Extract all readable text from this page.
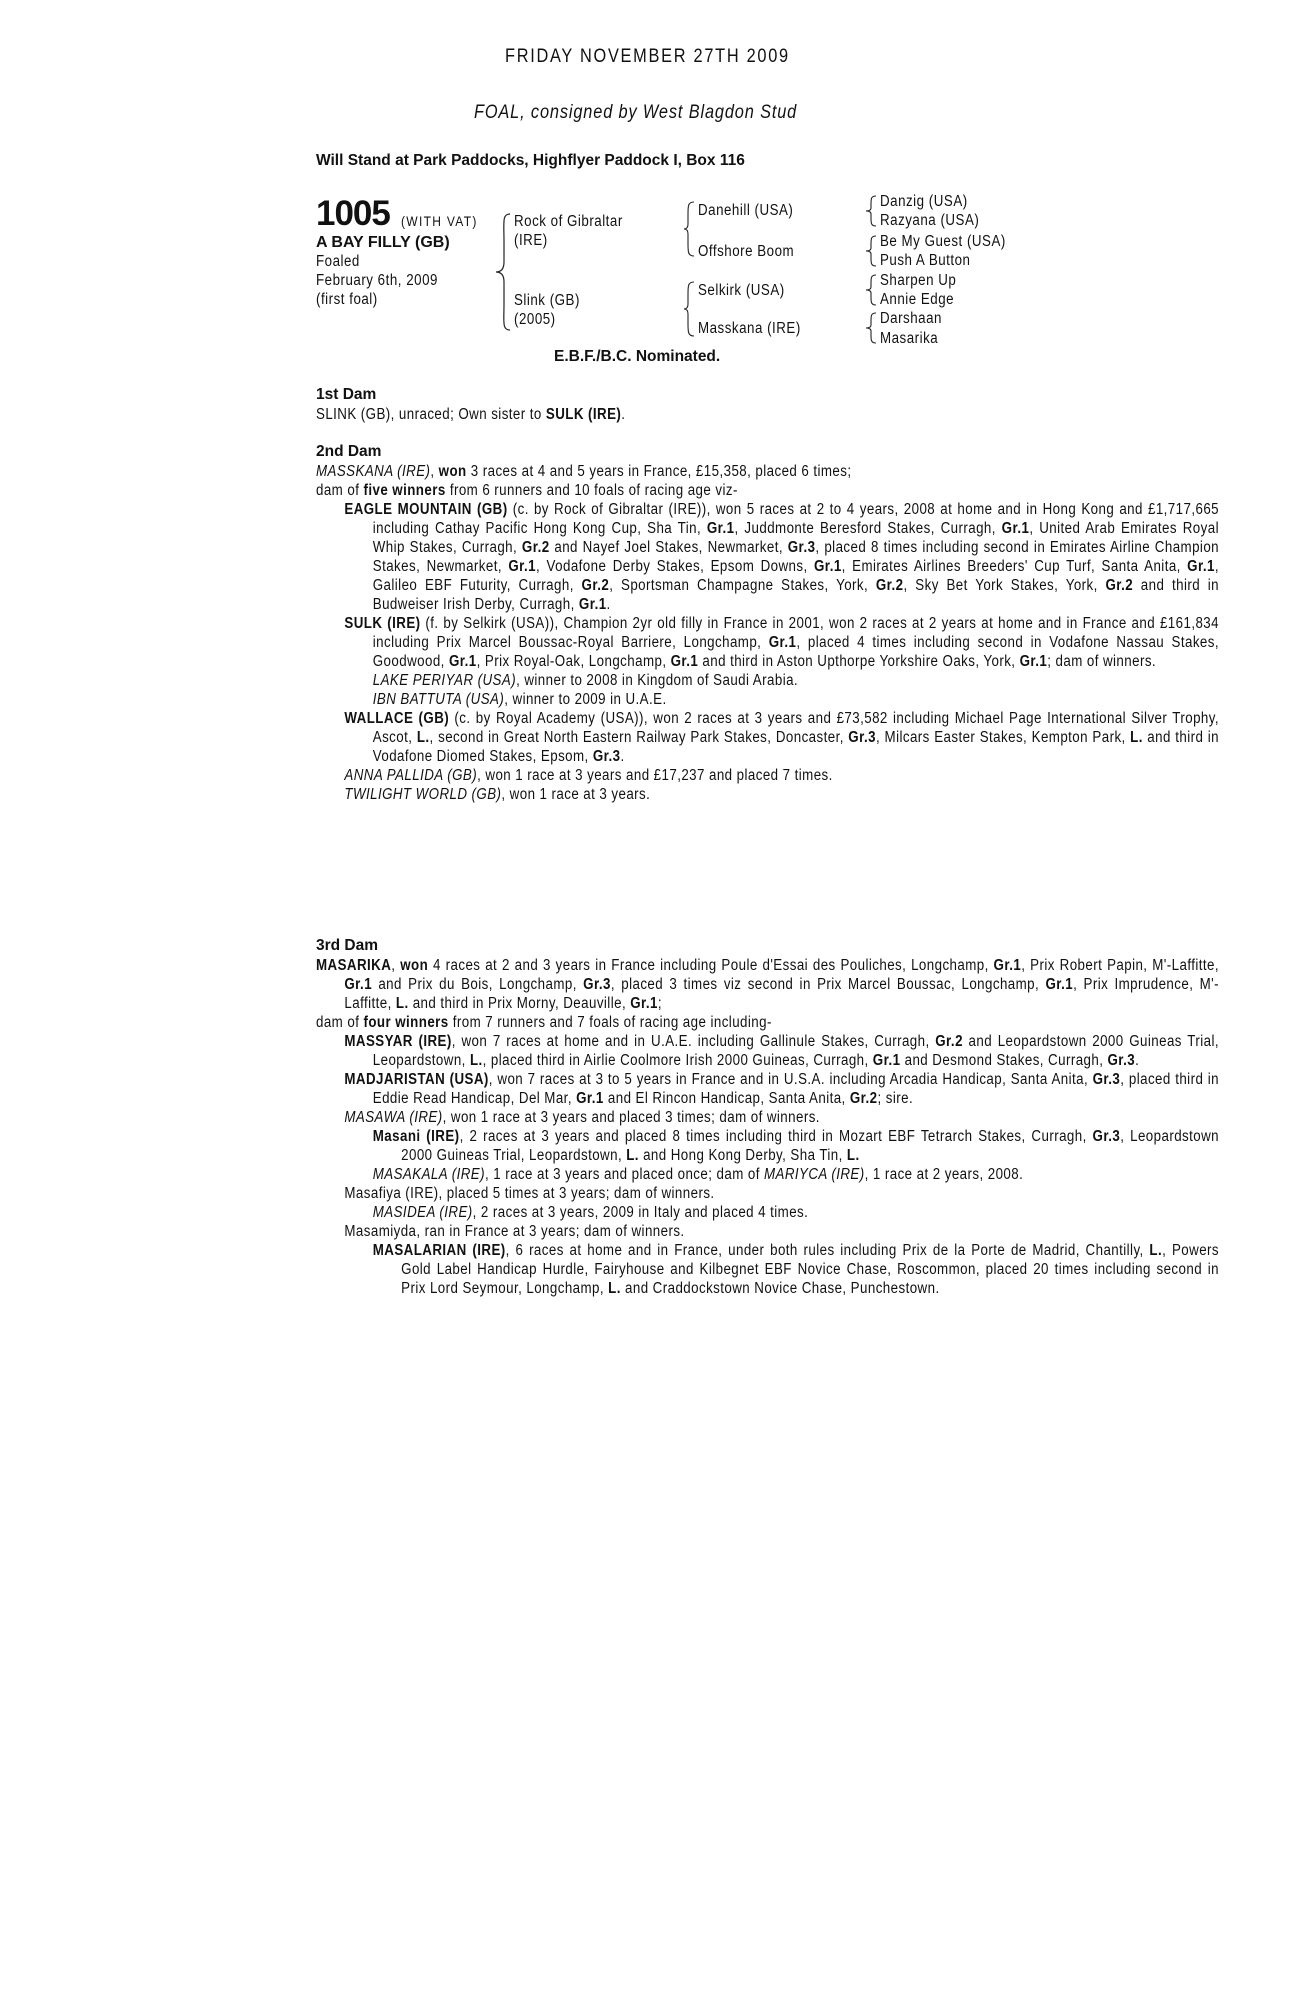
FRIDAY NOVEMBER 27TH 2009
FOAL, consigned by West Blagdon Stud
Will Stand at Park Paddocks, Highflyer Paddock I, Box 116
1005 (WITH VAT)
A BAY FILLY (GB)
Foaled
February 6th, 2009
(first foal)
Rock of Gibraltar
(IRE)
Slink (GB)
(2005)
Danehill (USA)
Offshore Boom
Selkirk (USA)
Masskana (IRE)
Danzig (USA)
Razyana (USA)
Be My Guest (USA)
Push A Button
Sharpen Up
Annie Edge
Darshaan
Masarika
E.B.F./B.C. Nominated.
1st Dam

SLINK (GB), unraced; Own sister to SULK (IRE).

2nd Dam

MASSKANA (IRE), won 3 races at 4 and 5 years in France, £15,358, placed 6 times;

dam of five winners from 6 runners and 10 foals of racing age viz-

EAGLE MOUNTAIN (GB) (c. by Rock of Gibraltar (IRE)), won 5 races at 2 to 4 years, 2008 at home and in Hong Kong and £1,717,665 including Cathay Pacific Hong Kong Cup, Sha Tin, Gr.1, Juddmonte Beresford Stakes, Curragh, Gr.1, United Arab Emirates Royal Whip Stakes, Curragh, Gr.2 and Nayef Joel Stakes, Newmarket, Gr.3, placed 8 times including second in Emirates Airline Champion Stakes, Newmarket, Gr.1, Vodafone Derby Stakes, Epsom Downs, Gr.1, Emirates Airlines Breeders' Cup Turf, Santa Anita, Gr.1, Galileo EBF Futurity, Curragh, Gr.2, Sportsman Champagne Stakes, York, Gr.2, Sky Bet York Stakes, York, Gr.2 and third in Budweiser Irish Derby, Curragh, Gr.1.

SULK (IRE) (f. by Selkirk (USA)), Champion 2yr old filly in France in 2001, won 2 races at 2 years at home and in France and £161,834 including Prix Marcel Boussac-Royal Barriere, Longchamp, Gr.1, placed 4 times including second in Vodafone Nassau Stakes, Goodwood, Gr.1, Prix Royal-Oak, Longchamp, Gr.1 and third in Aston Upthorpe Yorkshire Oaks, York, Gr.1; dam of winners.

LAKE PERIYAR (USA), winner to 2008 in Kingdom of Saudi Arabia.

IBN BATTUTA (USA), winner to 2009 in U.A.E.

WALLACE (GB) (c. by Royal Academy (USA)), won 2 races at 3 years and £73,582 including Michael Page International Silver Trophy, Ascot, L., second in Great North Eastern Railway Park Stakes, Doncaster, Gr.3, Milcars Easter Stakes, Kempton Park, L. and third in Vodafone Diomed Stakes, Epsom, Gr.3.

ANNA PALLIDA (GB), won 1 race at 3 years and £17,237 and placed 7 times.

TWILIGHT WORLD (GB), won 1 race at 3 years.

3rd Dam

MASARIKA, won 4 races at 2 and 3 years in France including Poule d'Essai des Pouliches, Longchamp, Gr.1, Prix Robert Papin, M'-Laffitte, Gr.1 and Prix du Bois, Longchamp, Gr.3, placed 3 times viz second in Prix Marcel Boussac, Longchamp, Gr.1, Prix Imprudence, M'-Laffitte, L. and third in Prix Morny, Deauville, Gr.1;

dam of four winners from 7 runners and 7 foals of racing age including-

MASSYAR (IRE), won 7 races at home and in U.A.E. including Gallinule Stakes, Curragh, Gr.2 and Leopardstown 2000 Guineas Trial, Leopardstown, L., placed third in Airlie Coolmore Irish 2000 Guineas, Curragh, Gr.1 and Desmond Stakes, Curragh, Gr.3.

MADJARISTAN (USA), won 7 races at 3 to 5 years in France and in U.S.A. including Arcadia Handicap, Santa Anita, Gr.3, placed third in Eddie Read Handicap, Del Mar, Gr.1 and El Rincon Handicap, Santa Anita, Gr.2; sire.

MASAWA (IRE), won 1 race at 3 years and placed 3 times; dam of winners.

Masani (IRE), 2 races at 3 years and placed 8 times including third in Mozart EBF Tetrarch Stakes, Curragh, Gr.3, Leopardstown 2000 Guineas Trial, Leopardstown, L. and Hong Kong Derby, Sha Tin, L.

MASAKALA (IRE), 1 race at 3 years and placed once; dam of MARIYCA (IRE), 1 race at 2 years, 2008.

Masafiya (IRE), placed 5 times at 3 years; dam of winners.

MASIDEA (IRE), 2 races at 3 years, 2009 in Italy and placed 4 times.

Masamiyda, ran in France at 3 years; dam of winners.

MASALARIAN (IRE), 6 races at home and in France, under both rules including Prix de la Porte de Madrid, Chantilly, L., Powers Gold Label Handicap Hurdle, Fairyhouse and Kilbegnet EBF Novice Chase, Roscommon, placed 20 times including second in Prix Lord Seymour, Longchamp, L. and Craddockstown Novice Chase, Punchestown.
